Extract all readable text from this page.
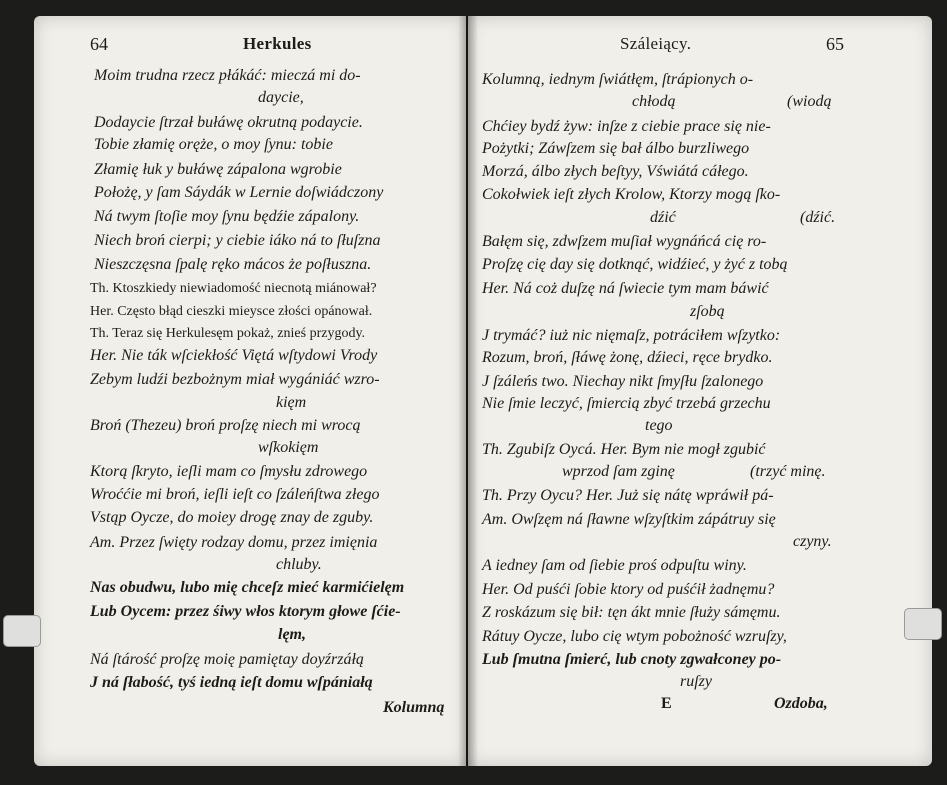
64	Herkules	Száleiący.	65
Moim trudna rzecz płákáć: mieczá mi do-
daycie,
Dodaycie ſtrzał bułáwę okrutną podaycie.
Tobie złamię oręże, o moy ſynu: tobie
Złamię łuk y bułáwę zápalona wgrobie
Położę, y ſam Sáydák w Lernie doſwiádczony
Ná twym ſtoſie moy ſynu będźie zápalony.
Niech broń cierpi; y ciebie iáko ná to ſłuſzna
Nieszczęsna ſpalę ręko mácos że poſłuszna.
Th. Ktoszkiedy niewiadomość niecnotą miánował?
Her. Często błąd cieszki mieysce złości opánował.
Th. Teraz się Herkulesęm pokaż, znieś przygody.
Her. Nie ták wſciekłość Viętá wſtydowi Vrody
Zebym ludźi bezbożnym miał wygániáć wzro-
kięm
Broń (Thezeu) broń proſzę niech mi wrocą
wſkokięm
Ktorą ſkryto, ieſli mam co ſmysłu zdrowego
Wroććie mi broń, ieſli ieſt co ſzáleńſtwa złego
Vstąp Oycze, do moiey drogę znay de zguby.
Am. Przez ſwięty rodzay domu, przez imięnia
chluby.
Nas obudwu, lubo mię chceſz mieć karmićielęm
Lub Oycem: przez śiwy włos ktorym głowe ſćie-
lęm,
Ná ſtárość proſzę moię pamiętay doyźrzáłą
J ná ſłabość, tyś iedną ieſt domu wſpániałą
Kolumną
Kolumną, iednym ſwiátłęm, ſtrápionych o-
chłodą	(wiodą
Chćiey bydź żyw: inſze z ciebie prace się nie-
Pożytki; Záwſzem się bał álbo burzliwego
Morzá, álbo złych beſtyy, Vświátá cáłego.
Cokołwiek ieſt złych Krolow, Ktorzy mogą ſko-
dźić	(dźić.
Bałęm się, zdwſzem muſiał wygnáńcá cię ro-
Proſzę cię day się dotknąć, widźieć, y żyć z tobą
Her. Ná coż duſzę ná ſwiecie tym mam báwić
zſobą
J trymáć? iuż nic nięmaſz, potráciłem wſzytko:
Rozum, broń, ſłáwę żonę, dźieci, ręce brydko.
J ſzáleńs two. Niechay nikt ſmyſłu ſzalonego
Nie ſmie leczyć, ſmiercią zbyć trzebá grzechu
tego
Th. Zgubiſz Oycá. Her. Bym nie mogł zgubić
wprzod ſam zginę	(trzyć minę.
Th. Przy Oycu? Her. Już się nátę wpráwił pá-
Am. Owſzęm ná ſławne wſzyſtkim zápátruy się
czyny.
A iedney ſam od ſiebie proś odpuſtu winy.
Her. Od puśći ſobie ktory od puśćił żadnęmu?
Z roskázum się bił: tęn ákt mnie ſłuży sámęmu.
Rátuy Oycze, lubo cię wtym pobożność wzruſzy,
Lub ſmutna ſmierć, lub cnoty zgwałconey po-
ruſzy
E	Ozdoba,
